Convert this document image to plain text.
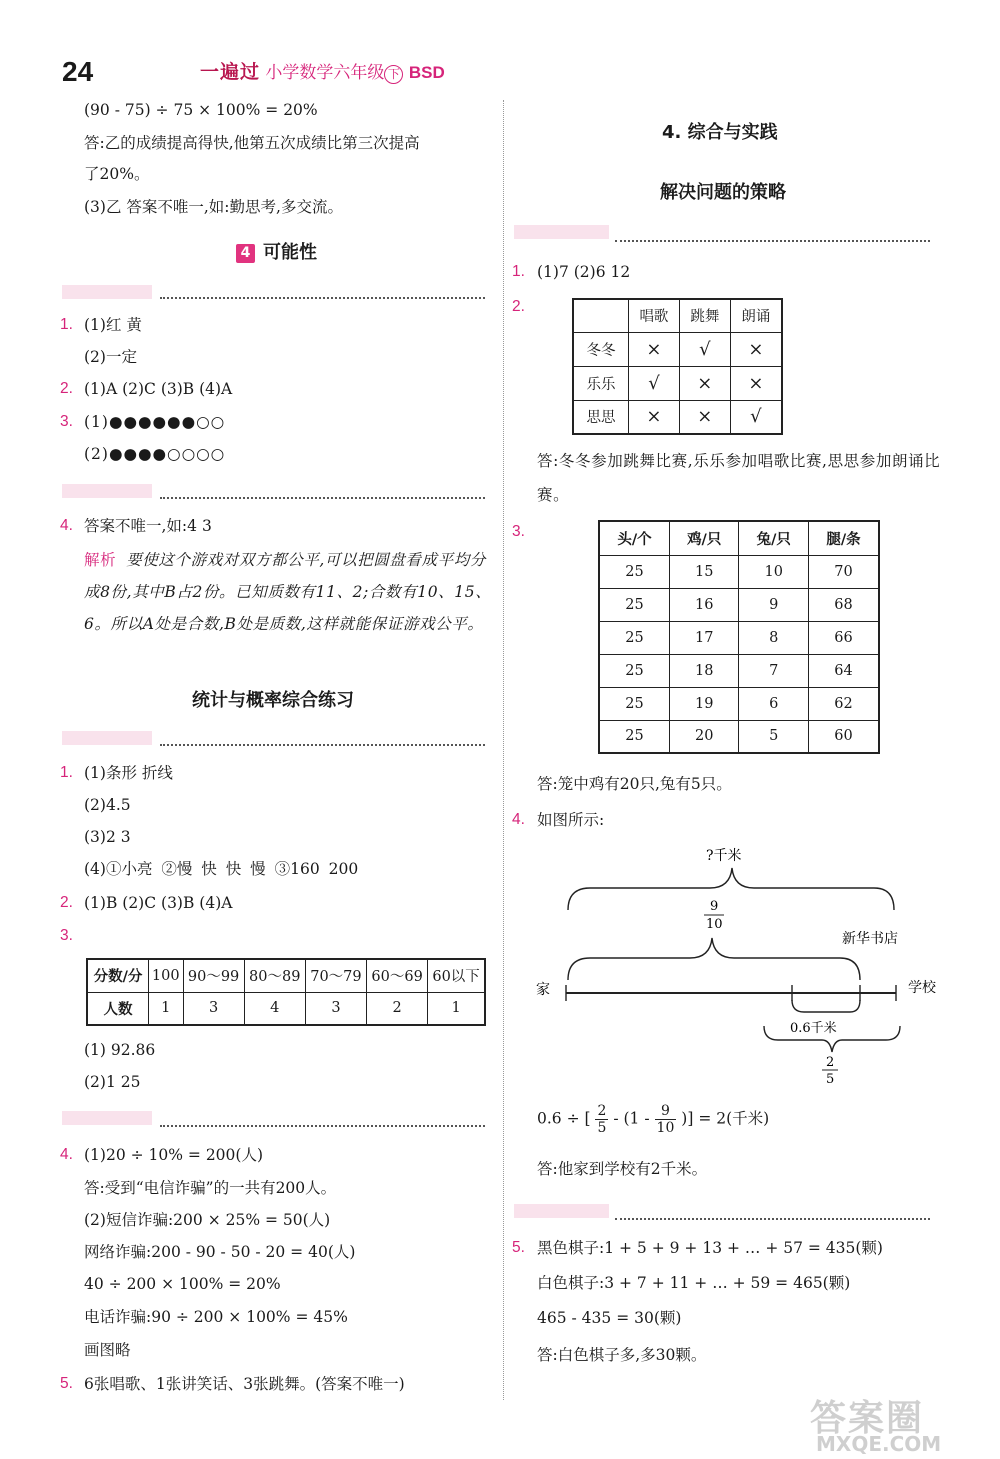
24	一遍过 小学数学六年级 下 BSD
(90 - 75) ÷ 75 × 100% = 20%
答:乙的成绩提高得快,他第五次成绩比第三次提高
了20%。
(3)乙 答案不唯一,如:勤思考,多交流。
4 可能性
1. (1)红 黄
(2)一定
2. (1)A (2)C (3)B (4)A
3. (1)●●●●●●○○
(2)●●●●○○○○
4. 答案不唯一,如:4 3
解析 要使这个游戏对双方都公平,可以把圆盘看成平均分成8份,其中B占2份。已知质数有11、2;合数有10、15、6。所以A处是合数,B处是质数,这样就能保证游戏公平。
统计与概率综合练习
1. (1)条形 折线
(2)4.5
(3)2 3
(4)①小亮 ②慢 快 快 慢 ③160 200
2. (1)B (2)C (3)B (4)A
3.
分数/分	100	90～99	80～89	70～79	60～69	60以下
人数	1	3	4	3	2	1
(1) 92.86
(2)1 25
4. (1)20 ÷ 10% = 200(人)
答:受到“电信诈骗”的一共有200人。
(2)短信诈骗:200 × 25% = 50(人)
网络诈骗:200 - 90 - 50 - 20 = 40(人)
40 ÷ 200 × 100% = 20%
电话诈骗:90 ÷ 200 × 100% = 45%
画图略
5. 6张唱歌、1张讲笑话、3张跳舞。(答案不唯一)
4. 综合与实践
解决问题的策略
1. (1)7 (2)6 12
2.
	唱歌	跳舞	朗诵
冬冬	×	√	×
乐乐	√	×	×
思思	×	×	√
答:冬冬参加跳舞比赛,乐乐参加唱歌比赛,思思参加朗诵比赛。
3.	头/个	鸡/只	兔/只	腿/条
25	15	10	70
25	16	9	68
25	17	8	66
25	18	7	64
25	19	6	62
25	20	5	60
答:笼中鸡有20只,兔有5只。
4. 如图所示:
?千米
9
10
新华书店
家	学校
0.6千米
2
5
0.6 ÷ [ $\frac{2}{5} - (1 - \frac{9}{10}$ )] = 2(千米)
答:他家到学校有2千米。
5. 黑色棋子:1 + 5 + 9 + 13 + … + 57 = 435(颗)
白色棋子:3 + 7 + 11 + … + 59 = 465(颗)
465 - 435 = 30(颗)
答:白色棋子多,多30颗。
答案圈
MXQE.COM
